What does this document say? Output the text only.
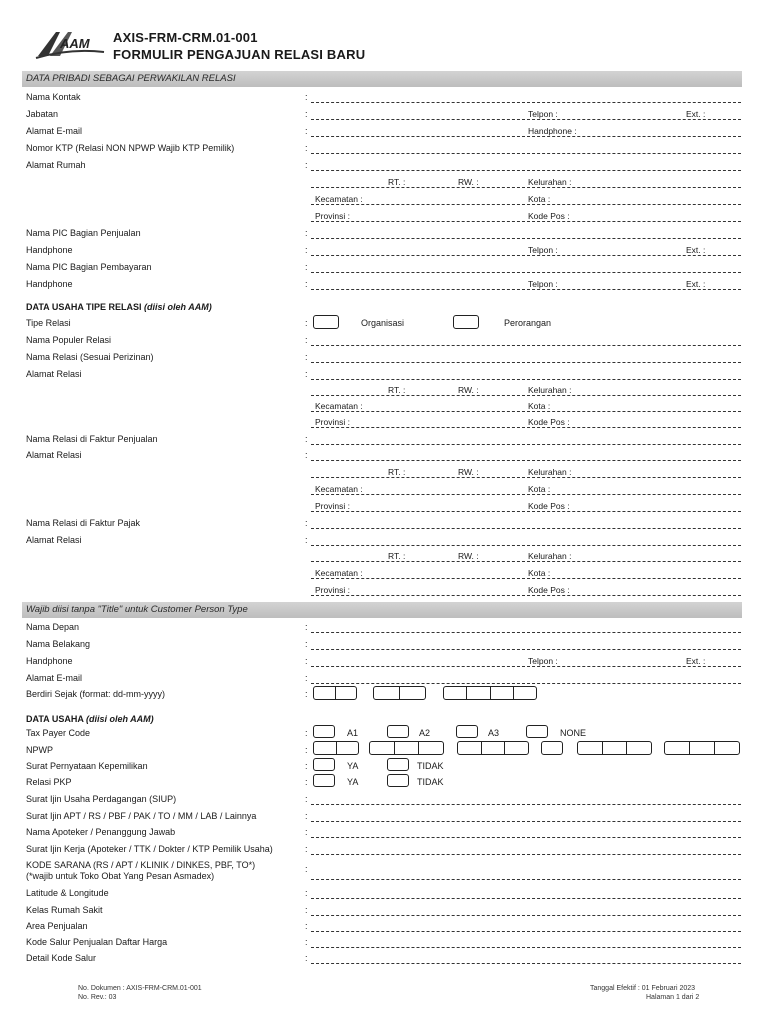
AAM AXIS-FRM-CRM.01-001
FORMULIR PENGAJUAN RELASI BARU
DATA PRIBADI SEBAGAI PERWAKILAN RELASI
Nama Kontak	:
Jabatan	:	Telpon :	Ext. :
Alamat E-mail	:	Handphone :
Nomor KTP (Relasi NON NPWP Wajib KTP Pemilik)	:
Alamat Rumah	:
RT. :	RW. :	Kelurahan :
Kecamatan :	Kota :
Provinsi :	Kode Pos :
Nama PIC Bagian Penjualan	:
Handphone	:	Telpon :	Ext. :
Nama PIC Bagian Pembayaran	:
Handphone	:	Telpon :	Ext. :
DATA USAHA TIPE RELASI (diisi oleh AAM)
Tipe Relasi	:	Organisasi	Perorangan
Nama Populer Relasi	:
Nama Relasi (Sesuai Perizinan)	:
Alamat Relasi	:
RT. :	RW. :	Kelurahan :
Kecamatan :	Kota :
Provinsi :	Kode Pos :
Nama Relasi di Faktur Penjualan	:
Alamat Relasi	:
RT. :	RW. :	Kelurahan :
Kecamatan :	Kota :
Provinsi :	Kode Pos :
Nama Relasi di Faktur Pajak	:
Alamat Relasi	:
RT. :	RW. :	Kelurahan :
Kecamatan :	Kota :
Provinsi :	Kode Pos :
Wajib diisi tanpa "Title" untuk Customer Person Type
Nama Depan	:
Nama Belakang	:
Handphone	:	Telpon :	Ext. :
Alamat E-mail	:
Berdiri Sejak (format: dd-mm-yyyy)	:
DATA USAHA (diisi oleh AAM)
Tax Payer Code	:	A1	A2	A3	NONE
NPWP	:
Surat Pernyataan Kepemilikan	:	YA	TIDAK
Relasi PKP	:	YA	TIDAK
Surat Ijin Usaha Perdagangan (SIUP)	:
Surat Ijin APT / RS / PBF / PAK / TO / MM / LAB / Lainnya	:
Nama Apoteker / Penanggung Jawab	:
Surat Ijin Kerja (Apoteker / TTK / Dokter / KTP Pemilik Usaha)	:
KODE SARANA (RS / APT / KLINIK / DINKES, PBF, TO*)
(*wajib untuk Toko Obat Yang Pesan Asmadex)
:
Latitude & Longitude	:
Kelas Rumah Sakit	:
Area Penjualan	:
Kode Salur Penjualan Daftar Harga	:
Detail Kode Salur	:
No. Dokumen : AXIS-FRM-CRM.01-001
No. Rev.: 03
Tanggal Efektif : 01 Februari 2023
Halaman 1 dari 2
